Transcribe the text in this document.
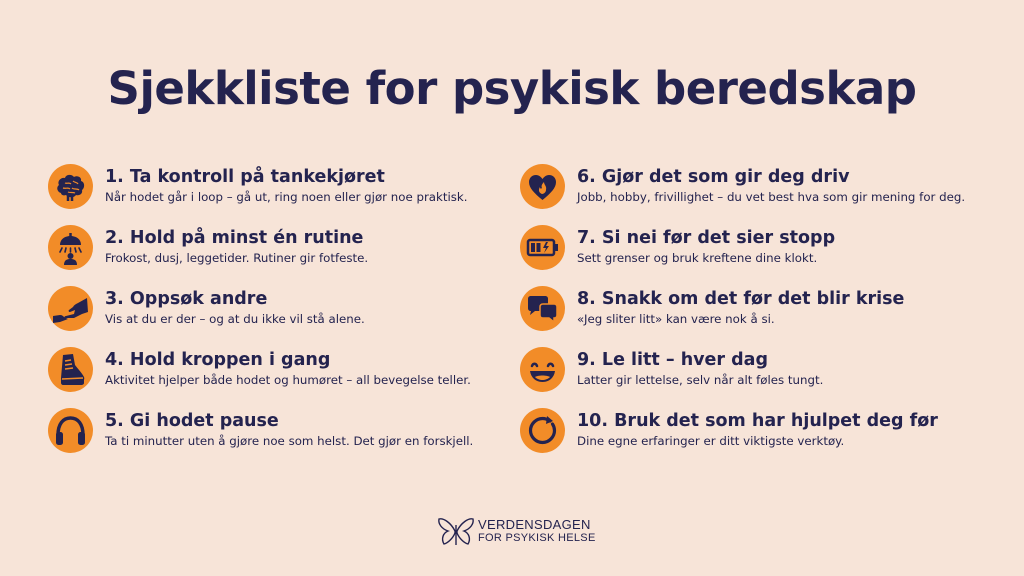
Sjekkliste for psykisk beredskap
1. Ta kontroll på tankekjøret
Når hodet går i loop – gå ut, ring noen eller gjør noe praktisk.
2. Hold på minst én rutine
Frokost, dusj, leggetider. Rutiner gir fotfeste.
3. Oppsøk andre
Vis at du er der – og at du ikke vil stå alene.
4. Hold kroppen i gang
Aktivitet hjelper både hodet og humøret – all bevegelse teller.
5. Gi hodet pause
Ta ti minutter uten å gjøre noe som helst. Det gjør en forskjell.
6. Gjør det som gir deg driv
Jobb, hobby, frivillighet – du vet best hva som gir mening for deg.
7. Si nei før det sier stopp
Sett grenser og bruk kreftene dine klokt.
8. Snakk om det før det blir krise
«Jeg sliter litt» kan være nok å si.
9. Le litt – hver dag
Latter gir lettelse, selv når alt føles tungt.
10. Bruk det som har hjulpet deg før
Dine egne erfaringer er ditt viktigste verktøy.
VERDENSDAGEN
FOR PSYKISK HELSE
